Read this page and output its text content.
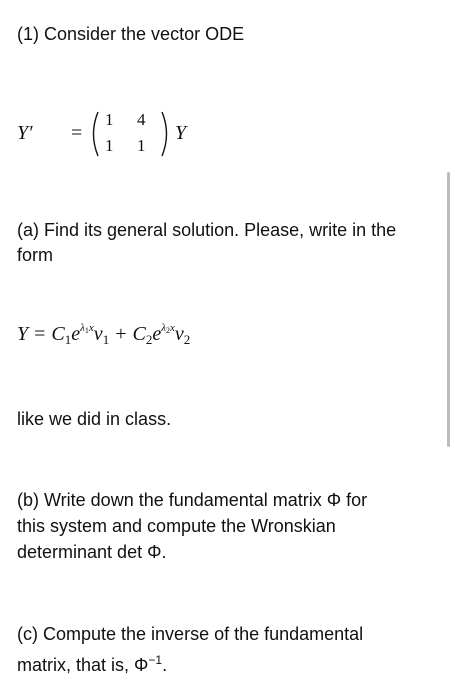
(1) Consider the vector ODE
Y′ =
1 4
1 1
Y
(a) Find its general solution. Please, write in the
form
$Y = C_1e^{\lambda 1x}v_1 + C_2e^{\lambda 2x}v_2$
like we did in class.
(b) Write down the fundamental matrix Φ for
this system and compute the Wronskian
determinant det Φ.
(c) Compute the inverse of the fundamental
matrix, that is, $\Phi^{-1}$.
